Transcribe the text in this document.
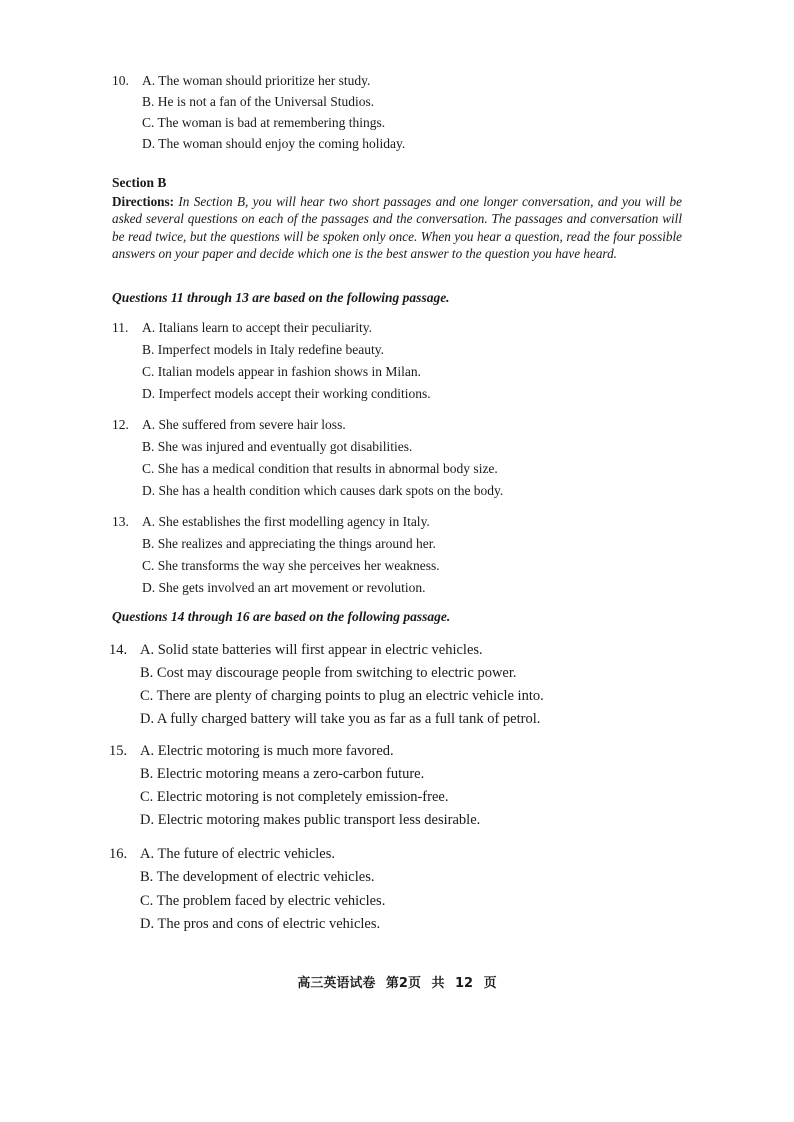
10. A. The woman should prioritize her study.
B. He is not a fan of the Universal Studios.
C. The woman is bad at remembering things.
D. The woman should enjoy the coming holiday.
Section B
Directions: In Section B, you will hear two short passages and one longer conversation, and you will be asked several questions on each of the passages and the conversation. The passages and conversation will be read twice, but the questions will be spoken only once. When you hear a question, read the four possible answers on your paper and decide which one is the best answer to the question you have heard.
Questions 11 through 13 are based on the following passage.
11. A. Italians learn to accept their peculiarity.
B. Imperfect models in Italy redefine beauty.
C. Italian models appear in fashion shows in Milan.
D. Imperfect models accept their working conditions.
12. A. She suffered from severe hair loss.
B. She was injured and eventually got disabilities.
C. She has a medical condition that results in abnormal body size.
D. She has a health condition which causes dark spots on the body.
13. A. She establishes the first modelling agency in Italy.
B. She realizes and appreciating the things around her.
C. She transforms the way she perceives her weakness.
D. She gets involved an art movement or revolution.
Questions 14 through 16 are based on the following passage.
14. A. Solid state batteries will first appear in electric vehicles.
B. Cost may discourage people from switching to electric power.
C. There are plenty of charging points to plug an electric vehicle into.
D. A fully charged battery will take you as far as a full tank of petrol.
15. A. Electric motoring is much more favored.
B. Electric motoring means a zero-carbon future.
C. Electric motoring is not completely emission-free.
D. Electric motoring makes public transport less desirable.
16. A. The future of electric vehicles.
B. The development of electric vehicles.
C. The problem faced by electric vehicles.
D. The pros and cons of electric vehicles.
高三英语试卷 第2页 共 12 页
